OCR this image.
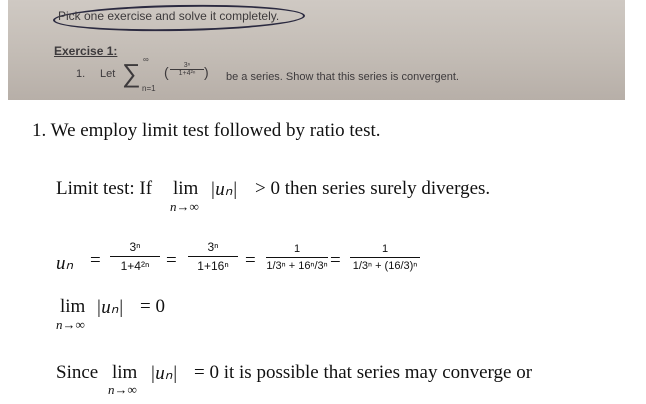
Pick one exercise and solve it completely.
Exercise 1:
1. Let ∑ ∞
n=1
(	3ⁿ
1+4²ⁿ ) be a series. Show that this series is convergent.
1. We employ limit test followed by ratio test.
Limit test: If lim
n→∞
|uₙ| > 0 then series surely diverges.
uₙ =
3ⁿ
1+4²ⁿ =
3ⁿ
1+16ⁿ =
1
1/3ⁿ + 16ⁿ/3ⁿ =
1
1/3ⁿ + (16/3)ⁿ
lim
n→∞
|uₙ| = 0
Since lim
n→∞
|uₙ| = 0 it is possible that series may converge or
